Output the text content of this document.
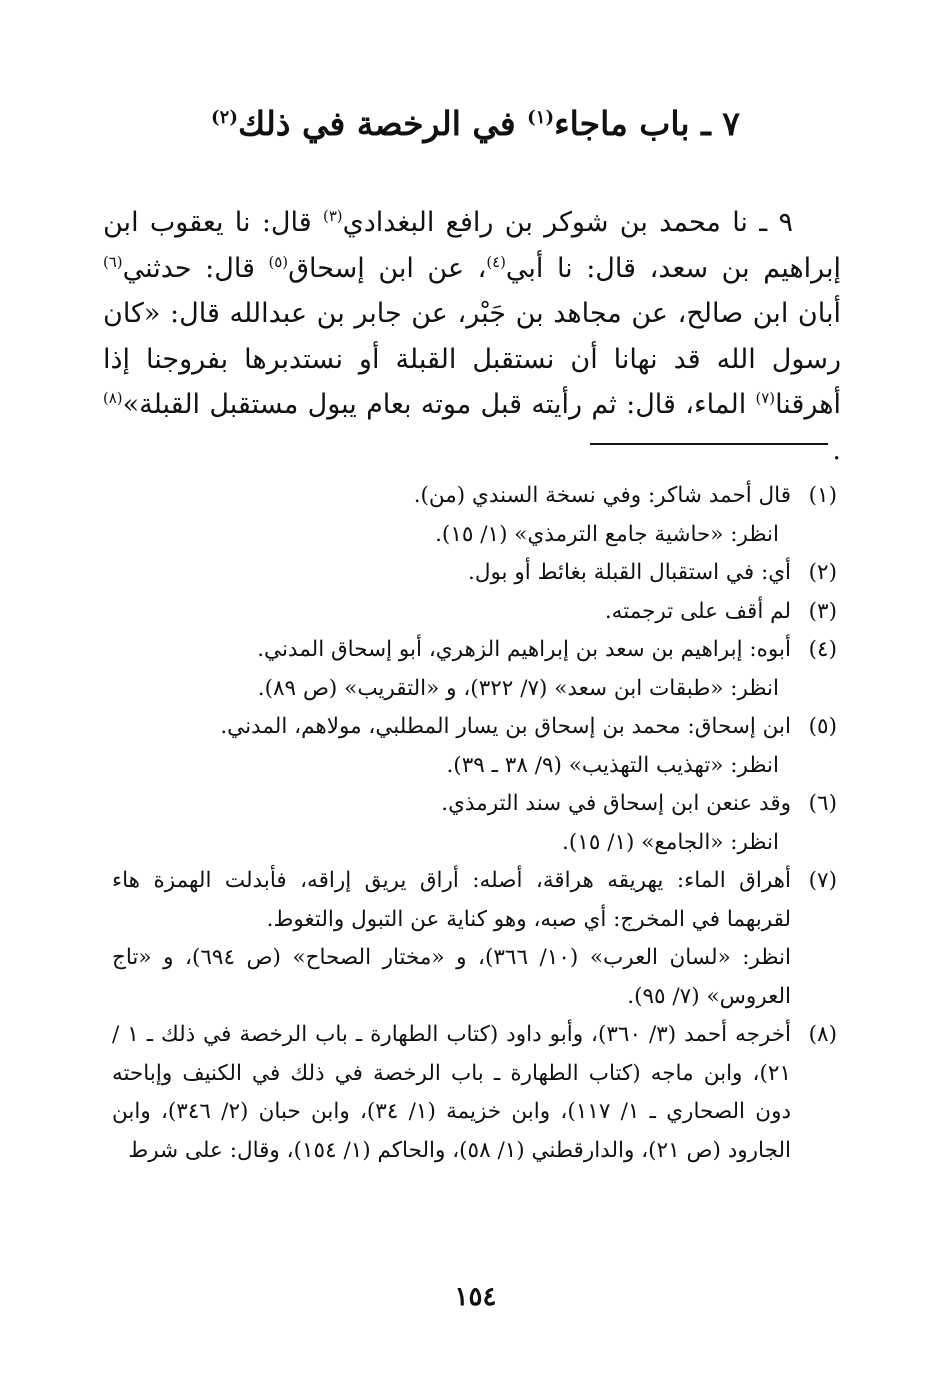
٧ ـ باب ماجاء$^{(١)}$ في الرخصة في ذلك$^{(٢)}$

٩ ـ نا محمد بن شوكر بن رافع البغدادي$^{(٣)}$ قال: نا يعقوب ابن إبراهيم بن سعد، قال: نا أبي$^{(٤)}$، عن ابن إسحاق$^{(٥)}$ قال: حدثني$^{(٦)}$ أبان ابن صالح، عن مجاهد بن جَبْر، عن جابر بن عبدالله قال: «كان رسول الله قد نهانا أن نستقبل القبلة أو نستدبرها بفروجنا إذا أهرقنا$^{(٧)}$ الماء، قال: ثم رأيته قبل موته بعام يبول مستقبل القبلة»$^{(٨)}$ .

(١)
قال أحمد شاكر: وفي نسخة السندي (من).
انظر: «حاشية جامع الترمذي» (١/ ١٥).
(٢)
أي: في استقبال القبلة بغائط أو بول.
(٣)
لم أقف على ترجمته.
(٤)
أبوه: إبراهيم بن سعد بن إبراهيم الزهري، أبو إسحاق المدني.
انظر: «طبقات ابن سعد» (٧/ ٣٢٢)، و «التقريب» (ص ٨٩).
(٥)
ابن إسحاق: محمد بن إسحاق بن يسار المطلبي، مولاهم، المدني.
انظر: «تهذيب التهذيب» (٩/ ٣٨ ـ ٣٩).
(٦)
وقد عنعن ابن إسحاق في سند الترمذي.
انظر: «الجامع» (١/ ١٥).
(٧)
أهراق الماء: يهريقه هراقة، أصله: أراق يريق إراقه، فأبدلت الهمزة هاء لقربهما في المخرج: أي صبه، وهو كناية عن التبول والتغوط.
انظر: «لسان العرب» (١٠/ ٣٦٦)، و «مختار الصحاح» (ص ٦٩٤)، و «تاج العروس» (٧/ ٩٥).
(٨)
أخرجه أحمد (٣/ ٣٦٠)، وأبو داود (كتاب الطهارة ـ باب الرخصة في ذلك ـ ١ / ٢١)، وابن ماجه (كتاب الطهارة ـ باب الرخصة في ذلك في الكنيف وإباحته دون الصحاري ـ ١/ ١١٧)، وابن خزيمة (١/ ٣٤)، وابن حبان (٢/ ٣٤٦)، وابن الجارود (ص ٢١)، والدارقطني (١/ ٥٨)، والحاكم (١/ ١٥٤)، وقال: على شرط
١٥٤
